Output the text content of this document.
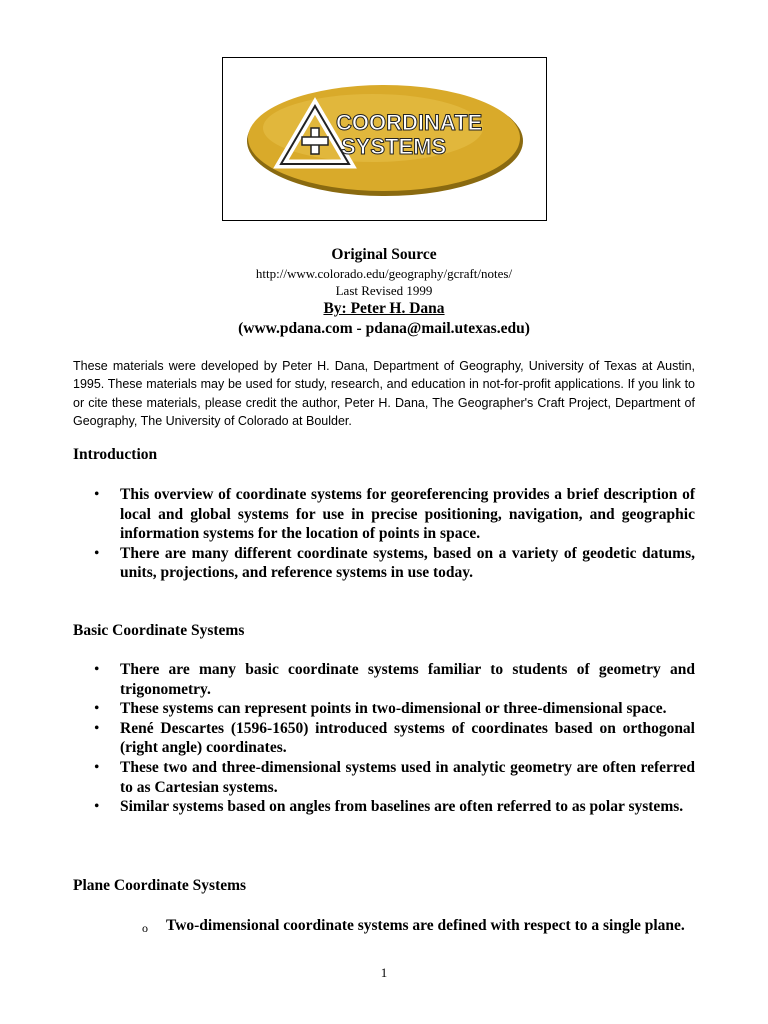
COORDINATE
SYSTEMS
Original Source
http://www.colorado.edu/geography/gcraft/notes/
Last Revised 1999
By: Peter H. Dana
(www.pdana.com - pdana@mail.utexas.edu)

These materials were developed by Peter H. Dana, Department of Geography, University of Texas at Austin, 1995. These materials may be used for study, research, and education in not-for-profit applications. If you link to or cite these materials, please credit the author, Peter H. Dana, The Geographer's Craft Project, Department of Geography, The University of Colorado at Boulder.

Introduction
• This overview of coordinate systems for georeferencing provides a brief description of local and global systems for use in precise positioning, navigation, and geographic information systems for the location of points in space.
• There are many different coordinate systems, based on a variety of geodetic datums, units, projections, and reference systems in use today.
Basic Coordinate Systems
• There are many basic coordinate systems familiar to students of geometry and trigonometry.
• These systems can represent points in two-dimensional or three-dimensional space.
• René Descartes (1596-1650) introduced systems of coordinates based on orthogonal (right angle) coordinates.
• These two and three-dimensional systems used in analytic geometry are often referred to as Cartesian systems.
• Similar systems based on angles from baselines are often referred to as polar systems.
Plane Coordinate Systems
o Two-dimensional coordinate systems are defined with respect to a single plane.
1
